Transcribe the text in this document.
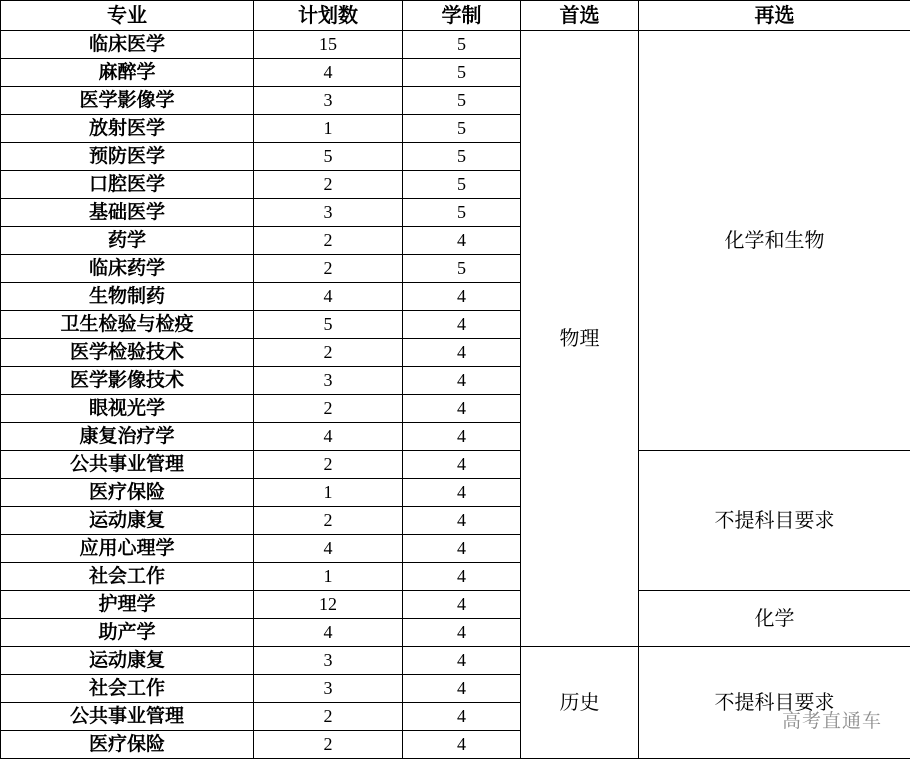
专业	计划数	学制	首选	再选
临床医学	15	5	物理	化学和生物
麻醉学	4	5		
医学影像学	3	5		
放射医学	1	5		
预防医学	5	5		
口腔医学	2	5		
基础医学	3	5		
药学	2	4		
临床药学	2	5		
生物制药	4	4		
卫生检验与检疫	5	4		
医学检验技术	2	4		
医学影像技术	3	4		
眼视光学	2	4		
康复治疗学	4	4		
公共事业管理	2	4		不提科目要求
医疗保险	1	4		
运动康复	2	4		
应用心理学	4	4		
社会工作	1	4		
护理学	12	4		化学
助产学	4	4		
运动康复	3	4	历史	不提科目要求
社会工作	3	4		
公共事业管理	2	4		
医疗保险	2	4		
高考直通车
